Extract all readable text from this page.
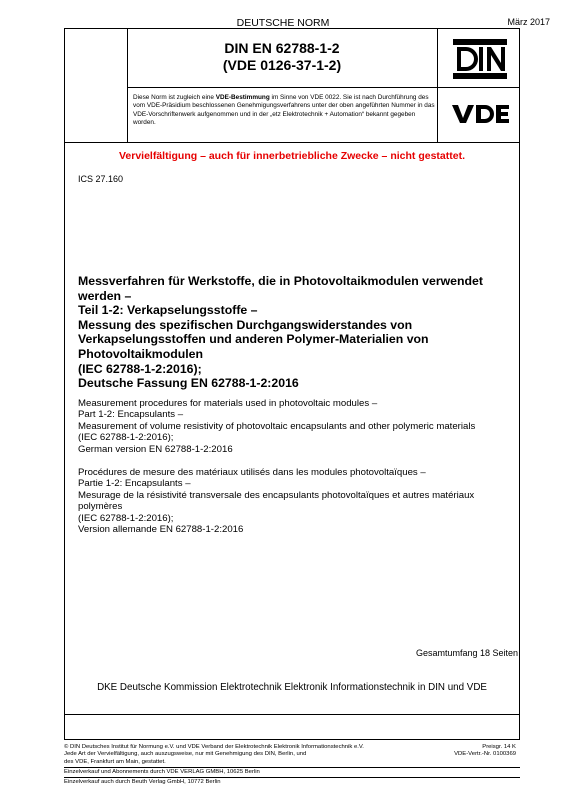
DEUTSCHE NORM	März 2017
DIN EN 62788-1-2
(VDE 0126-37-1-2)
Diese Norm ist zugleich eine VDE-Bestimmung im Sinne von VDE 0022. Sie ist nach Durchführung des vom VDE-Präsidium beschlossenen Genehmigungsverfahrens unter der oben angeführten Nummer in das VDE-Vorschriftenwerk aufgenommen und in der „etz Elektrotechnik + Automation“ bekannt gegeben worden.
Vervielfältigung – auch für innerbetriebliche Zwecke – nicht gestattet.
ICS 27.160
Messverfahren für Werkstoffe, die in Photovoltaikmodulen verwendet
werden –
Teil 1-2: Verkapselungsstoffe –
Messung des spezifischen Durchgangswiderstandes von
Verkapselungsstoffen und anderen Polymer-Materialien von
Photovoltaikmodulen
(IEC 62788-1-2:2016);
Deutsche Fassung EN 62788-1-2:2016
Measurement procedures for materials used in photovoltaic modules –
Part 1-2: Encapsulants –
Measurement of volume resistivity of photovoltaic encapsulants and other polymeric materials
(IEC 62788-1-2:2016);
German version EN 62788-1-2:2016
Procédures de mesure des matériaux utilisés dans les modules photovoltaïques –
Partie 1-2: Encapsulants –
Mesurage de la résistivité transversale des encapsulants photovoltaïques et autres matériaux
polymères
(IEC 62788-1-2:2016);
Version allemande EN 62788-1-2:2016
Gesamtumfang 18 Seiten
DKE Deutsche Kommission Elektrotechnik Elektronik Informationstechnik in DIN und VDE
© DIN Deutsches Institut für Normung e.V. und VDE Verband der Elektrotechnik Elektronik Informationstechnik e.V.
Jede Art der Vervielfältigung, auch auszugsweise, nur mit Genehmigung des DIN, Berlin, und
des VDE, Frankfurt am Main, gestattet.
Preisgr. 14 K
VDE-Vertr.-Nr. 0100369
Einzelverkauf und Abonnements durch VDE VERLAG GMBH, 10625 Berlin
Einzelverkauf auch durch Beuth Verlag GmbH, 10772 Berlin
